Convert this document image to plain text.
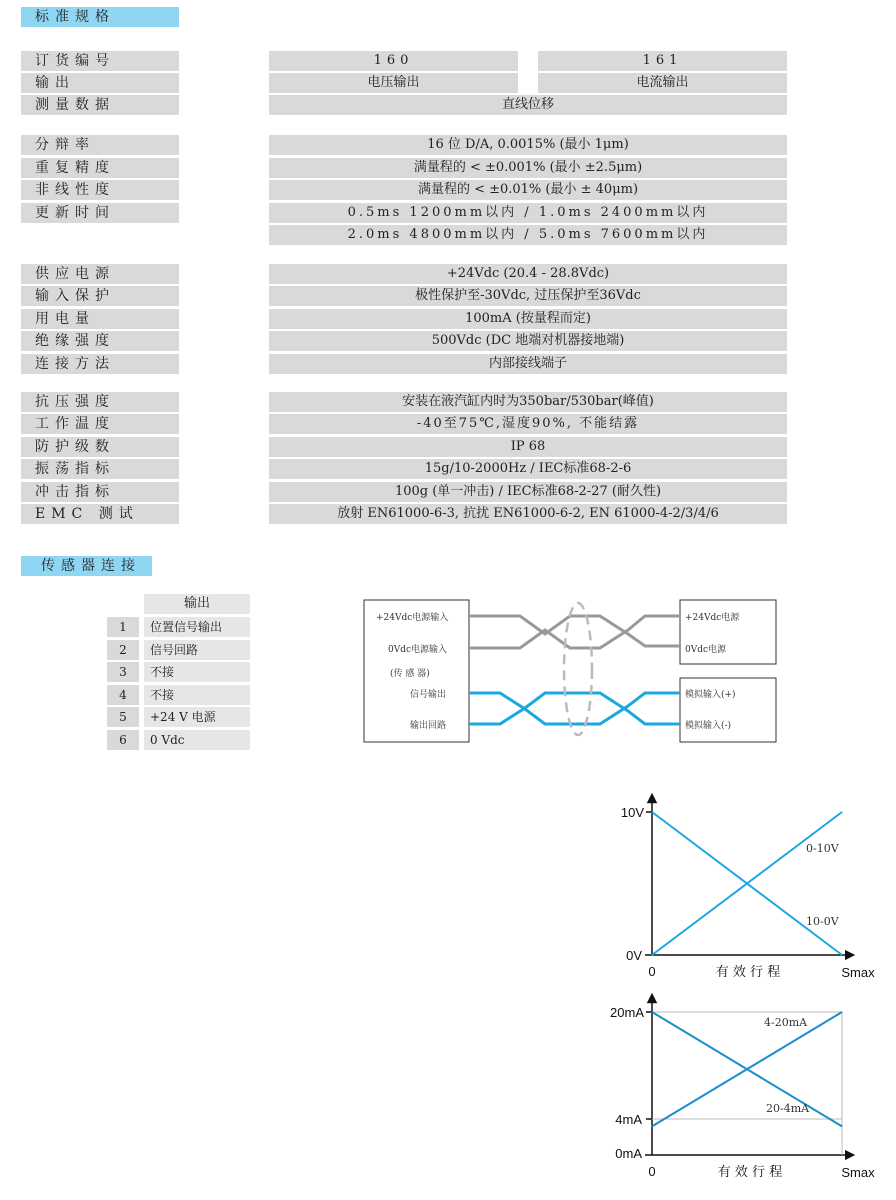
标准规格
订货编号	160	161
输出	电压输出	电流输出
测量数据	直线位移
分辩率	16 位 D/A, 0.0015% (最小 1μm)
重复精度	满量程的 < ±0.001% (最小 ±2.5μm)
非线性度	满量程的 < ±0.01% (最小 ± 40μm)
更新时间	0.5ms 1200mm以内 / 1.0ms 2400mm以内
2.0ms 4800mm以内 / 5.0ms 7600mm以内
供应电源	+24Vdc (20.4 - 28.8Vdc)
输入保护	极性保护至-30Vdc, 过压保护至36Vdc
用电量	100mA (按量程而定)
绝缘强度	500Vdc (DC 地端对机器接地端)
连接方法	内部接线端子
抗压强度	安装在液汽缸内时为350bar/530bar(峰值)
工作温度	-40至75℃,湿度90%, 不能结露
防护级数	IP 68
振荡指标	15g/10-2000Hz / IEC标准68-2-6
冲击指标	100g (单一冲击) / IEC标准68-2-27 (耐久性)
EMC 测试	放射 EN61000-6-3, 抗扰 EN61000-6-2, EN 61000-4-2/3/4/6
传感器连接
输出
1	位置信号输出
2	信号回路
3	不接
4	不接
5	+24 V 电源
6	0 Vdc
+24Vdc电源输入
0Vdc电源输入
(传 感 器)
信号输出
输出回路
+24Vdc电源
0Vdc电源
模拟输入(+)
模拟输入(-)
10V
0V
0	有 效 行 程	Smax
0-10V
10-0V
20mA
4mA
0mA
0	有 效 行 程	Smax
4-20mA
20-4mA
